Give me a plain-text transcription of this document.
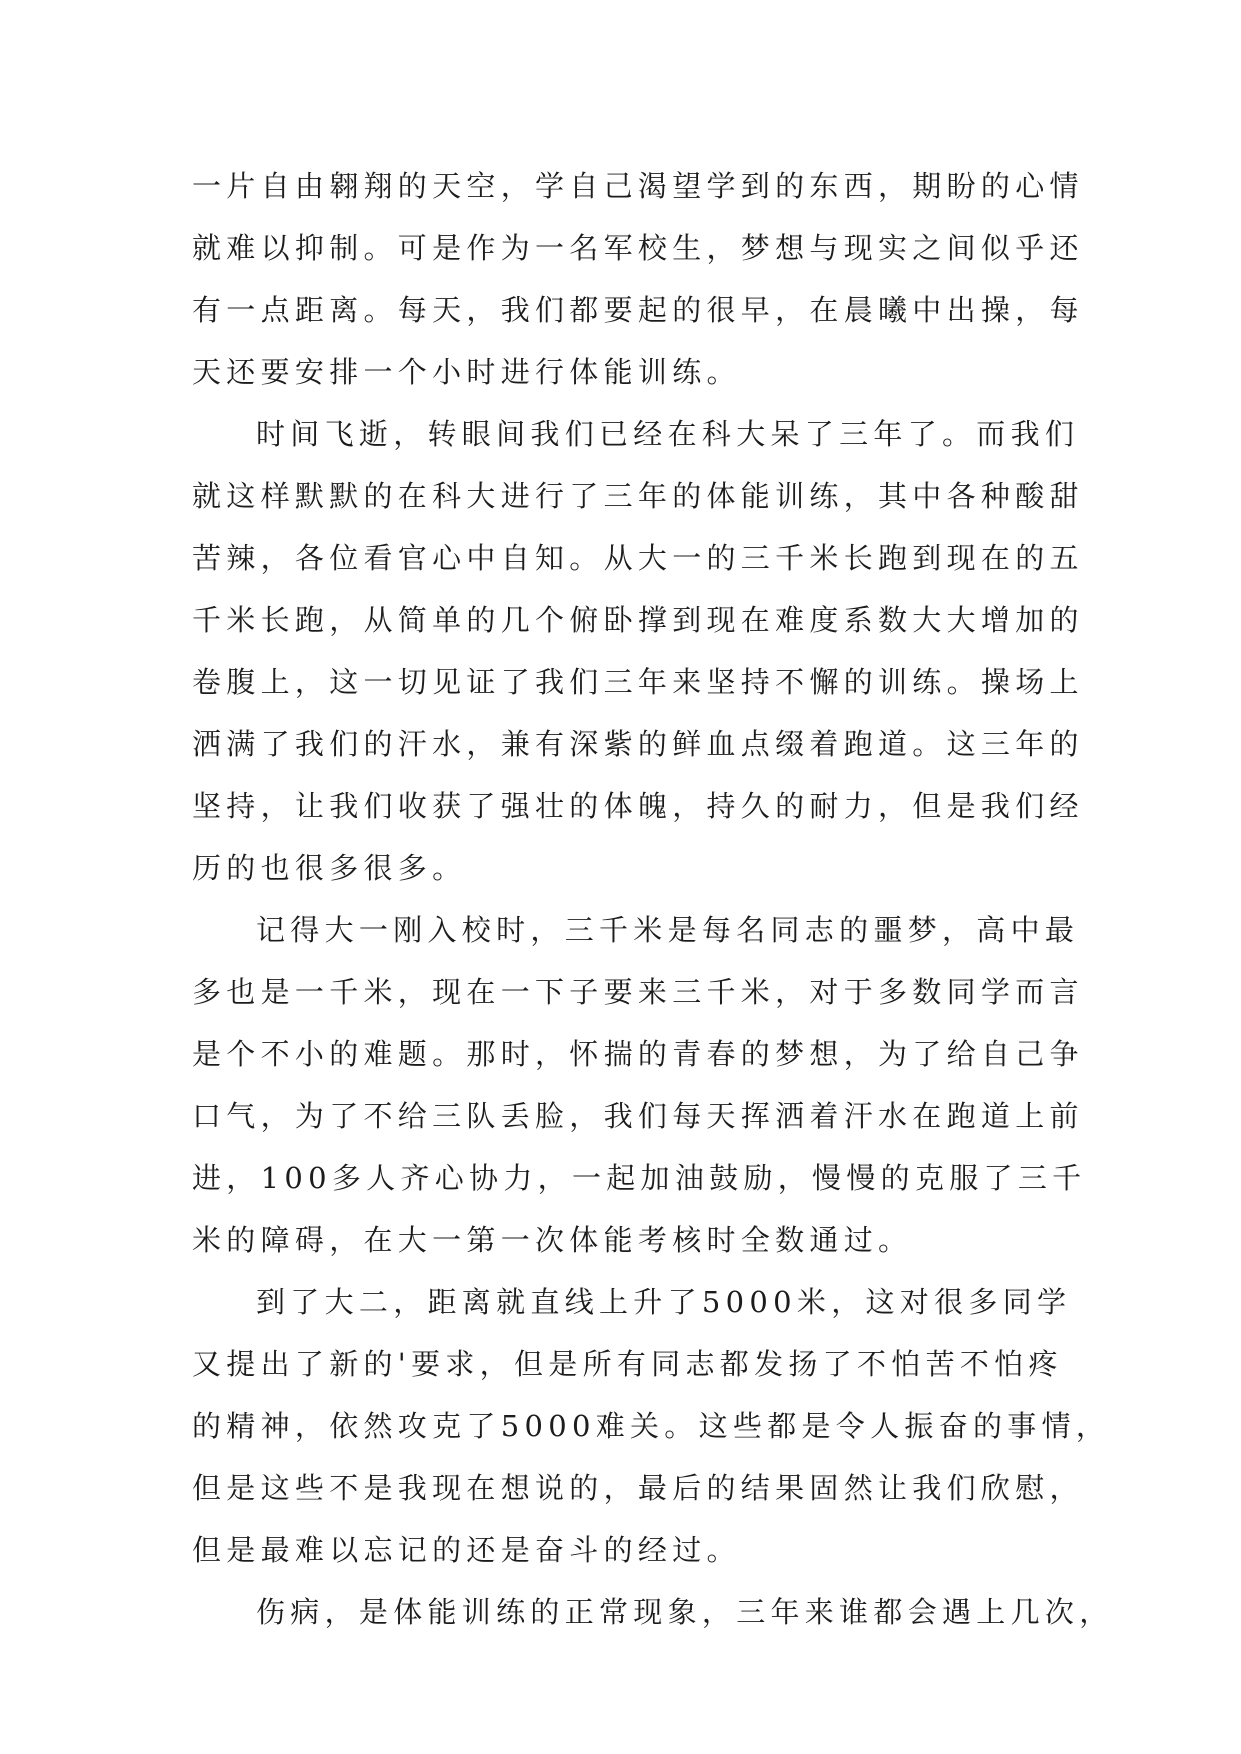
一片自由翱翔的天空，学自己渴望学到的东西，期盼的心情
就难以抑制。可是作为一名军校生，梦想与现实之间似乎还
有一点距离。每天，我们都要起的很早，在晨曦中出操，每
天还要安排一个小时进行体能训练。
时间飞逝，转眼间我们已经在科大呆了三年了。而我们
就这样默默的在科大进行了三年的体能训练，其中各种酸甜
苦辣，各位看官心中自知。从大一的三千米长跑到现在的五
千米长跑，从简单的几个俯卧撑到现在难度系数大大增加的
卷腹上，这一切见证了我们三年来坚持不懈的训练。操场上
洒满了我们的汗水，兼有深紫的鲜血点缀着跑道。这三年的
坚持，让我们收获了强壮的体魄，持久的耐力，但是我们经
历的也很多很多。
记得大一刚入校时，三千米是每名同志的噩梦，高中最
多也是一千米，现在一下子要来三千米，对于多数同学而言
是个不小的难题。那时，怀揣的青春的梦想，为了给自己争
口气，为了不给三队丢脸，我们每天挥洒着汗水在跑道上前
进，100多人齐心协力，一起加油鼓励，慢慢的克服了三千
米的障碍，在大一第一次体能考核时全数通过。
到了大二，距离就直线上升了5000米，这对很多同学
又提出了新的'要求，但是所有同志都发扬了不怕苦不怕疼
的精神，依然攻克了5000难关。这些都是令人振奋的事情，
但是这些不是我现在想说的，最后的结果固然让我们欣慰，
但是最难以忘记的还是奋斗的经过。
伤病，是体能训练的正常现象，三年来谁都会遇上几次，
